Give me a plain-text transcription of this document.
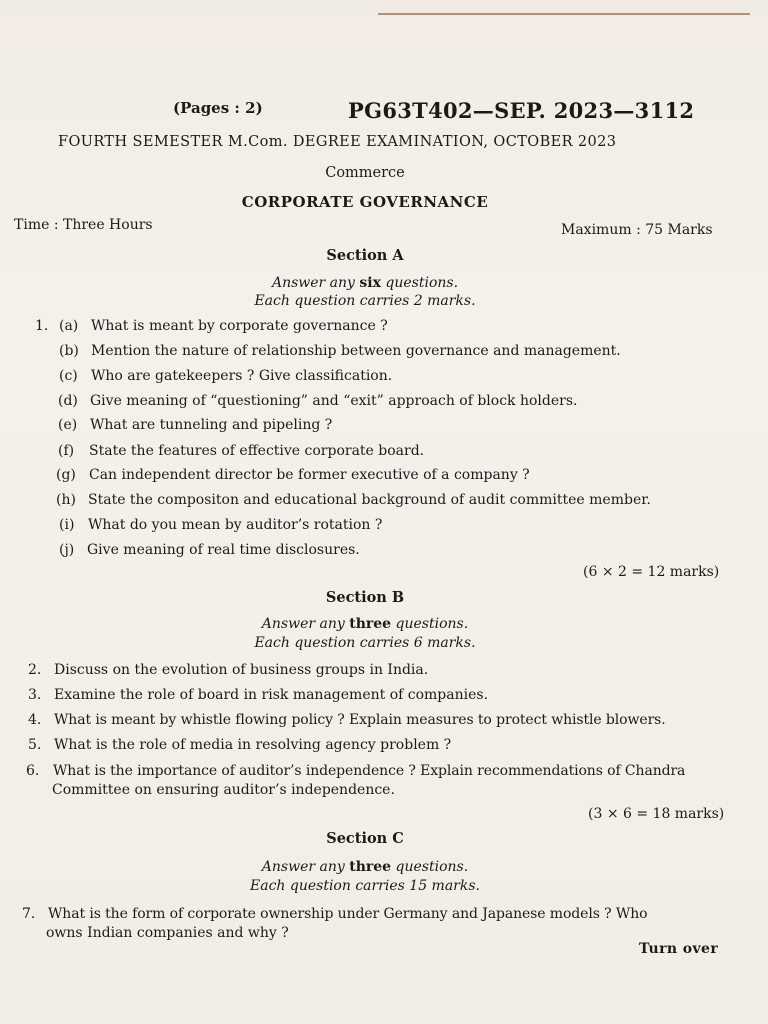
(Pages : 2)	PG63T402—SEP. 2023—3112
FOURTH SEMESTER M.Com. DEGREE EXAMINATION, OCTOBER 2023
Commerce
CORPORATE GOVERNANCE
Time : Three Hours	Maximum : 75 Marks
Section A
Answer any six questions.
Each question carries 2 marks.
1. (a) What is meant by corporate governance ?
(b) Mention the nature of relationship between governance and management.
(c) Who are gatekeepers ? Give classification.
(d) Give meaning of “questioning” and “exit” approach of block holders.
(e) What are tunneling and pipeling ?
(f) State the features of effective corporate board.
(g) Can independent director be former executive of a company ?
(h) State the compositon and educational background of audit committee member.
(i) What do you mean by auditor’s rotation ?
(j) Give meaning of real time disclosures.
(6 × 2 = 12 marks)
Section B
Answer any three questions.
Each question carries 6 marks.
2. Discuss on the evolution of business groups in India.
3. Examine the role of board in risk management of companies.
4. What is meant by whistle flowing policy ? Explain measures to protect whistle blowers.
5. What is the role of media in resolving agency problem ?
6. What is the importance of auditor’s independence ? Explain recommendations of Chandra
Committee on ensuring auditor’s independence.
(3 × 6 = 18 marks)
Section C
Answer any three questions.
Each question carries 15 marks.
7. What is the form of corporate ownership under Germany and Japanese models ? Who
owns Indian companies and why ?
Turn over
